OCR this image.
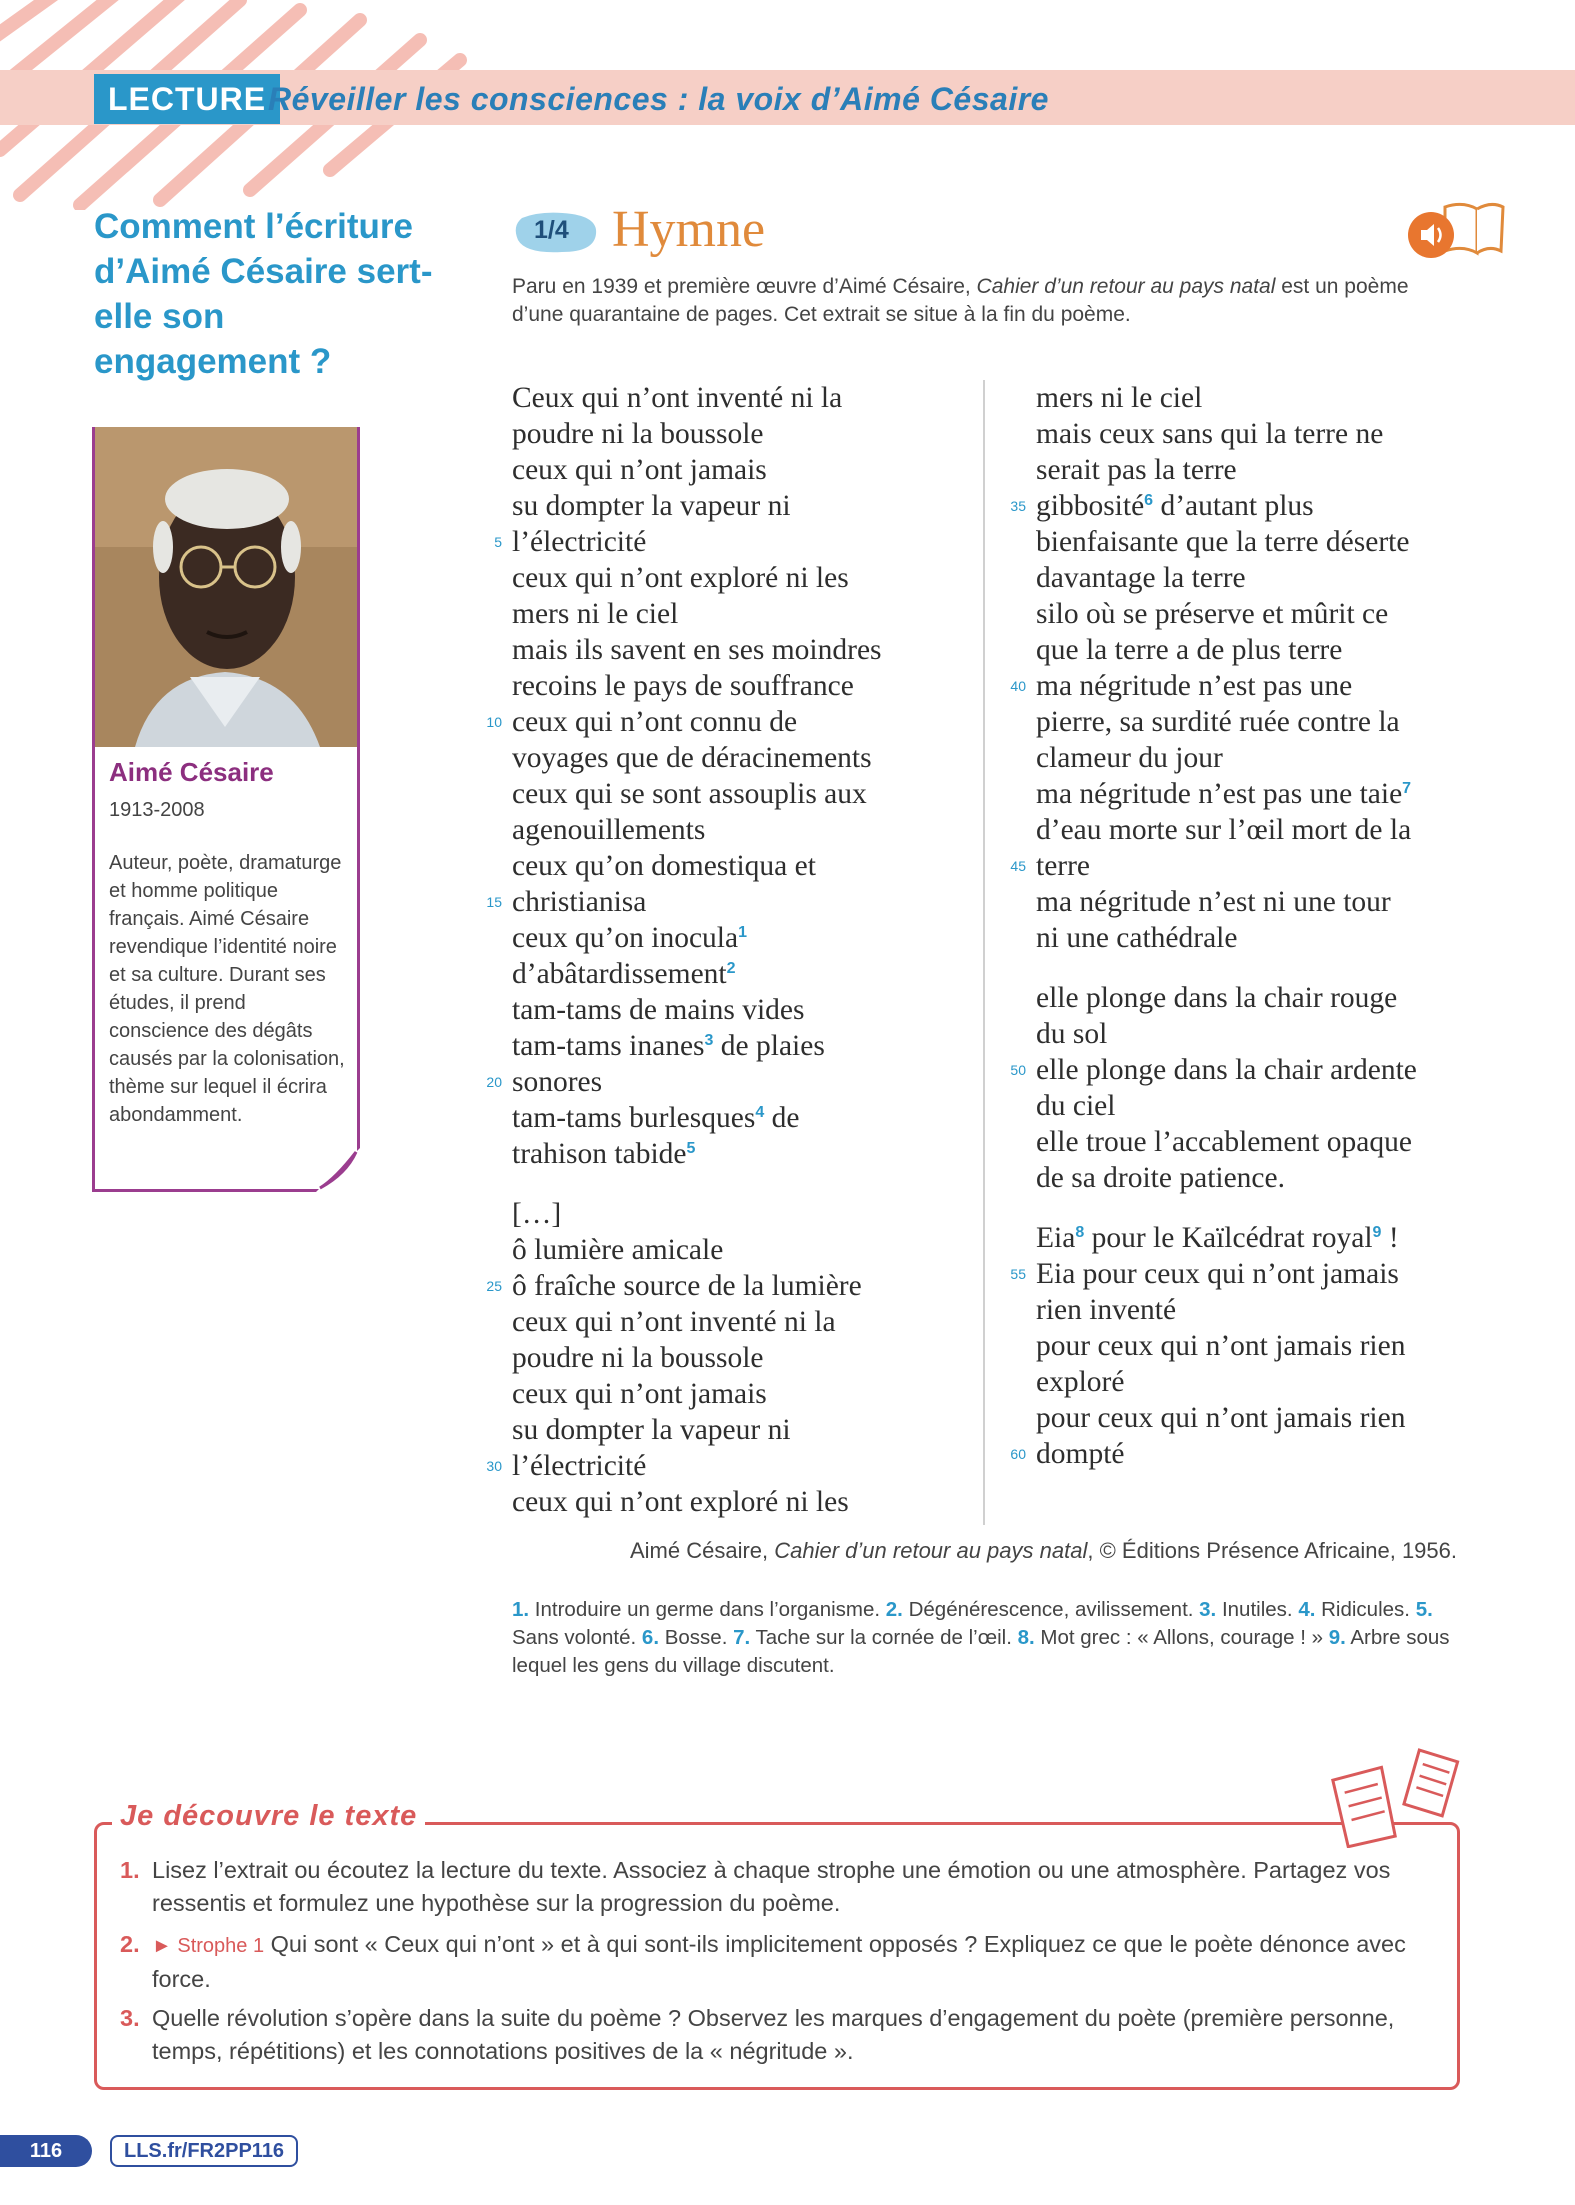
LECTURE Réveiller les consciences : la voix d’Aimé Césaire
Comment l’écriture d’Aimé Césaire sert-elle son engagement ?
Aimé Césaire
1913-2008
Auteur, poète, dramaturge et homme politique français. Aimé Césaire revendique l’identité noire et sa culture. Durant ses études, il prend conscience des dégâts causés par la colonisation, thème sur lequel il écrira abondamment.
1/4 Hymne
Paru en 1939 et première œuvre d’Aimé Césaire, Cahier d’un retour au pays natal est un poème d’une quarantaine de pages. Cet extrait se situe à la fin du poème.
Ceux qui n’ont inventé ni la
poudre ni la boussole
ceux qui n’ont jamais
su dompter la vapeur ni
l’électricité
5
ceux qui n’ont exploré ni les
mers ni le ciel
mais ils savent en ses moindres
recoins le pays de souffrance
ceux qui n’ont connu de
10
voyages que de déracinements
ceux qui se sont assouplis aux
agenouillements
ceux qu’on domestiqua et
christianisa
15
ceux qu’on inocula$^1$
d’abâtardissement$^2$
tam-tams de mains vides
tam-tams inanes$^3$ de plaies
sonores
20
tam-tams burlesques$^4$ de
trahison tabide$^5$
[…]
ô lumière amicale
ô fraîche source de la lumière
25
ceux qui n’ont inventé ni la
poudre ni la boussole
ceux qui n’ont jamais
su dompter la vapeur ni
l’électricité
30
ceux qui n’ont exploré ni les
mers ni le ciel
mais ceux sans qui la terre ne
serait pas la terre
gibbosité$^6$ d’autant plus
35
bienfaisante que la terre déserte
davantage la terre
silo où se préserve et mûrit ce
que la terre a de plus terre
ma négritude n’est pas une
40
pierre, sa surdité ruée contre la
clameur du jour
ma négritude n’est pas une taie$^7$
d’eau morte sur l’œil mort de la
terre
45
ma négritude n’est ni une tour
ni une cathédrale
elle plonge dans la chair rouge
du sol
elle plonge dans la chair ardente
50
du ciel
elle troue l’accablement opaque
de sa droite patience.
Eia$^8$ pour le Kaïlcédrat royal$^9$ !
Eia pour ceux qui n’ont jamais
55
rien inventé
pour ceux qui n’ont jamais rien
exploré
pour ceux qui n’ont jamais rien
dompté
60
Aimé Césaire, Cahier d’un retour au pays natal, © Éditions Présence Africaine, 1956.
1. Introduire un germe dans l’organisme. 2. Dégénérescence, avilissement. 3. Inutiles. 4. Ridicules. 5. Sans volonté. 6. Bosse. 7. Tache sur la cornée de l’œil. 8. Mot grec : « Allons, courage ! » 9. Arbre sous lequel les gens du village discutent.
Je découvre le texte
1. Lisez l’extrait ou écoutez la lecture du texte. Associez à chaque strophe une émotion ou une atmosphère. Partagez vos ressentis et formulez une hypothèse sur la progression du poème.
2. ► Strophe 1 Qui sont « Ceux qui n’ont » et à qui sont-ils implicitement opposés ? Expliquez ce que le poète dénonce avec force.
3. Quelle révolution s’opère dans la suite du poème ? Observez les marques d’engagement du poète (première personne, temps, répétitions) et les connotations positives de la « négritude ».
116	LLS.fr/FR2PP116
